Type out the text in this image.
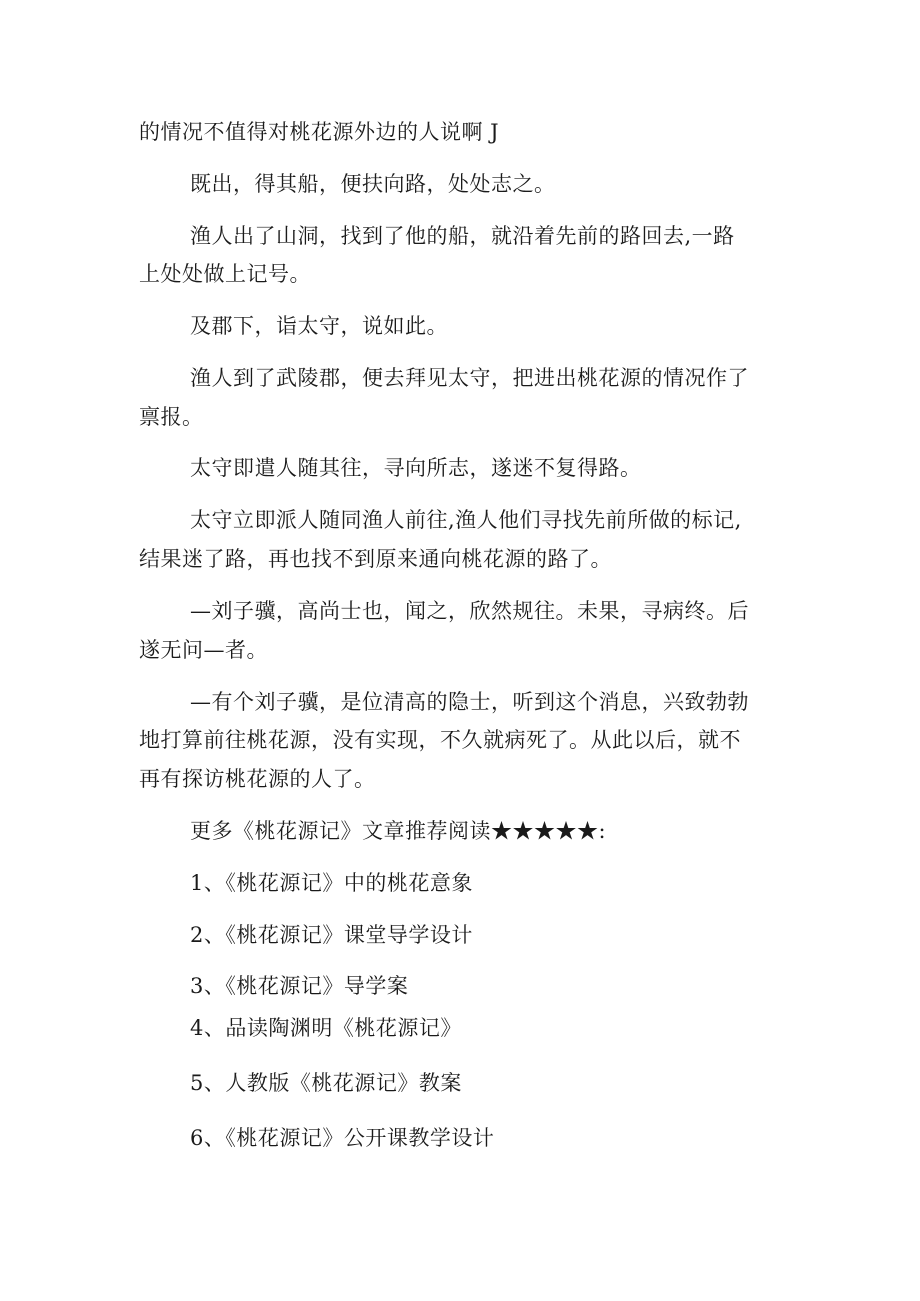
的情况不值得对桃花源外边的人说啊 J
既出，得其船，便扶向路，处处志之。
渔人出了山洞，找到了他的船，就沿着先前的路回去,一路
上处处做上记号。
及郡下，诣太守，说如此。
渔人到了武陵郡，便去拜见太守，把进出桃花源的情况作了
禀报。
太守即遣人随其往，寻向所志，遂迷不复得路。
太守立即派人随同渔人前往,渔人他们寻找先前所做的标记,
结果迷了路，再也找不到原来通向桃花源的路了。
—刘子骥，高尚士也，闻之，欣然规往。未果，寻病终。后
遂无问—者。
—有个刘子骥，是位清高的隐士，听到这个消息，兴致勃勃
地打算前往桃花源，没有实现，不久就病死了。从此以后，就不
再有探访桃花源的人了。
更多《桃花源记》文章推荐阅读★★★★★:
1、《桃花源记》中的桃花意象
2、《桃花源记》课堂导学设计
3、《桃花源记》导学案
4、品读陶渊明《桃花源记》
5、人教版《桃花源记》教案
6、《桃花源记》公开课教学设计
